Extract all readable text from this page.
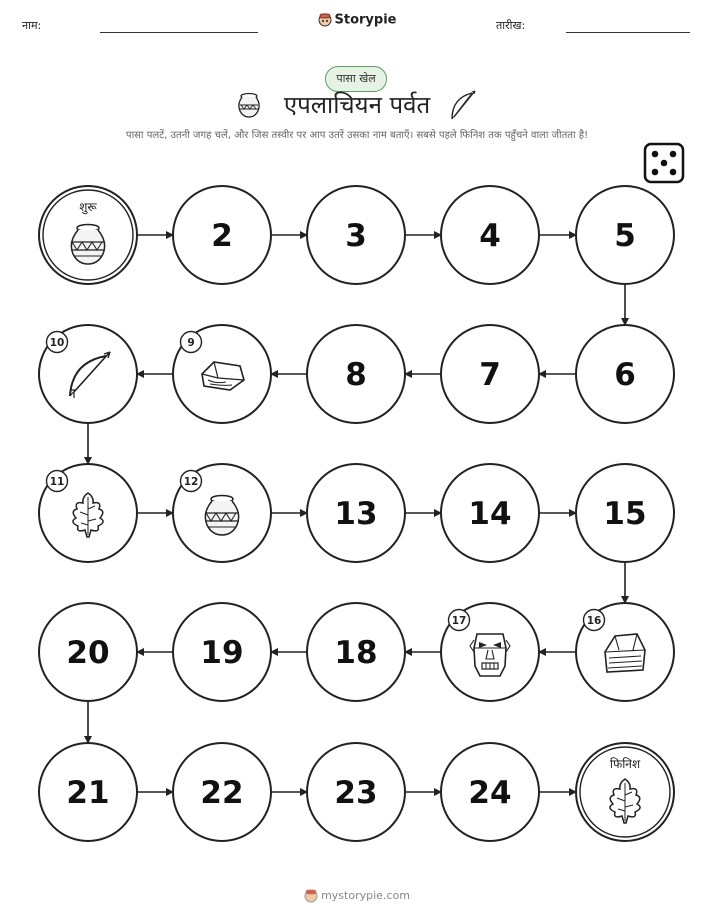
नाम:	Storypie	तारीख:
पासा खेल
एपलाचियन पर्वत
पासा पलटें, उतनी जगह चलें, और जिस तस्वीर पर आप उतरें उसका नाम बताएँ। सबसे पहले फिनिश तक पहुँचने वाला जीतता है!
शुरू
2	3	4	5
6
7
8
9
10
11	12
13	14	15
16
17
18
19
20
21	22	23	24
फिनिश
mystorypie.com
